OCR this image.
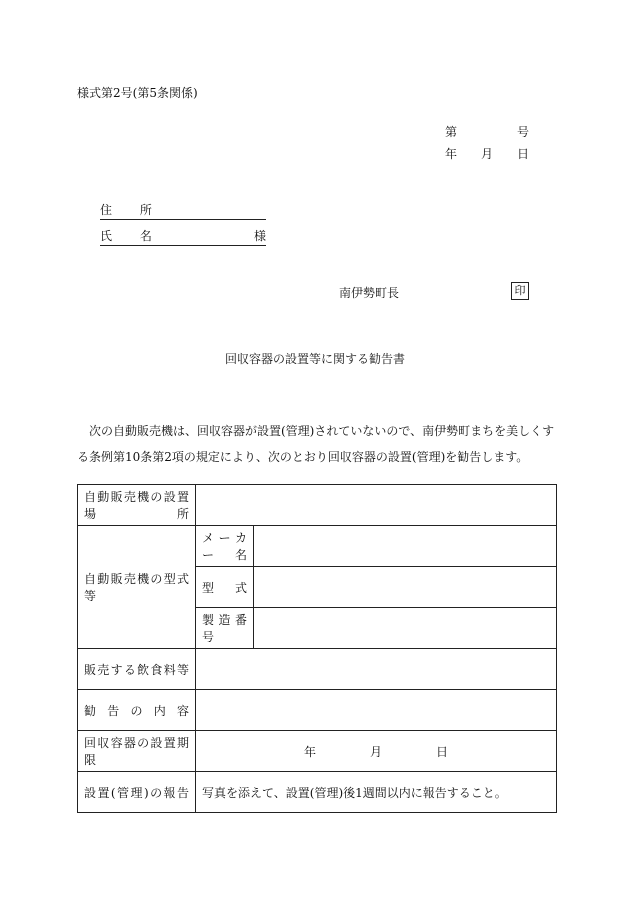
様式第2号(第5条関係)
第	号
年 月 日
住 所
氏 名	様
南伊勢町長	印
回収容器の設置等に関する勧告書
次の自動販売機は、回収容器が設置(管理)されていないので、南伊勢町まちを美しくする条例第10条第2項の規定により、次のとおり回収容器の設置(管理)を勧告します。
自動販売機の設置場所		
自動販売機の型式等	メーカー名	
	型 式	
	製造番号	
販売する飲食料等		
勧告の内容		
回収容器の設置期限	年 月 日	

設置(管理)の報告	写真を添えて、設置(管理)後1週間以内に報告すること。	
